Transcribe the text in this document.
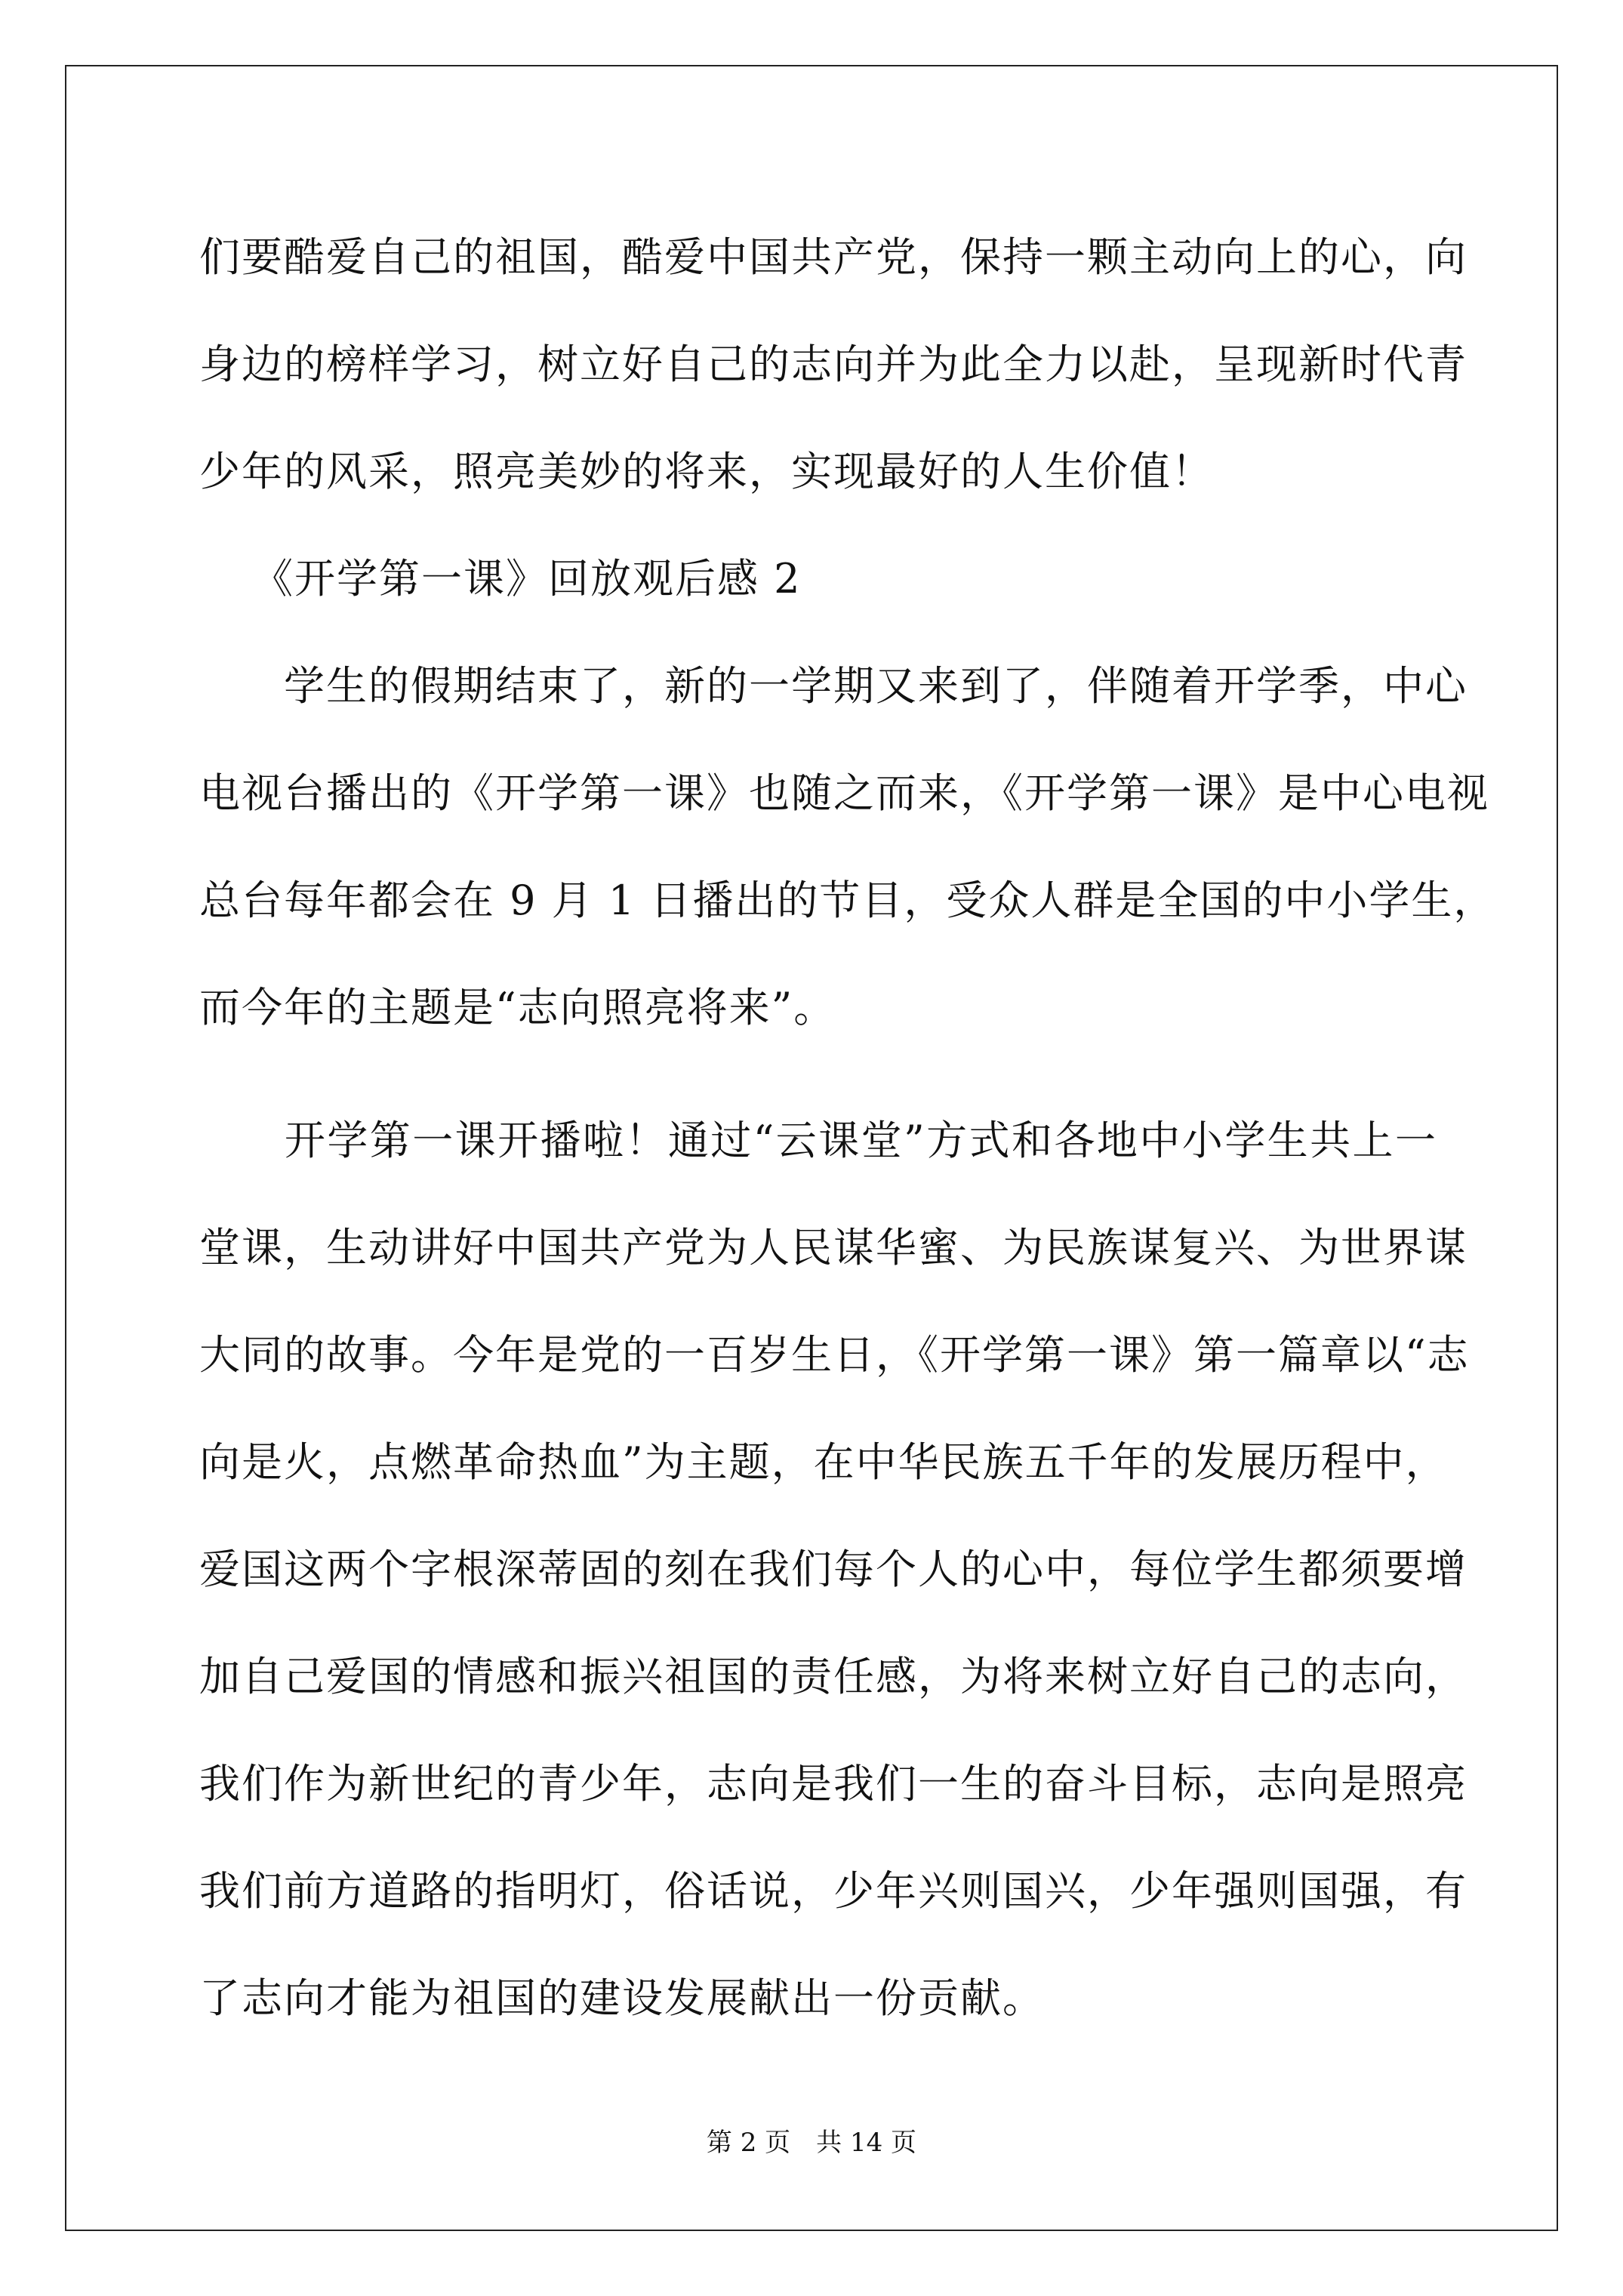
们要酷爱自己的祖国，酷爱中国共产党，保持一颗主动向上的心，向
身边的榜样学习，树立好自己的志向并为此全力以赴，呈现新时代青
少年的风采，照亮美妙的将来，实现最好的人生价值！
《开学第一课》回放观后感 2
　　学生的假期结束了，新的一学期又来到了，伴随着开学季，中心
电视台播出的《开学第一课》也随之而来，《开学第一课》是中心电视
总台每年都会在 9 月 1 日播出的节目，受众人群是全国的中小学生，
而今年的主题是“志向照亮将来”。
　　开学第一课开播啦！通过“云课堂”方式和各地中小学生共上一
堂课，生动讲好中国共产党为人民谋华蜜、为民族谋复兴、为世界谋
大同的故事。今年是党的一百岁生日，《开学第一课》第一篇章以“志
向是火，点燃革命热血”为主题，在中华民族五千年的发展历程中，
爱国这两个字根深蒂固的刻在我们每个人的心中，每位学生都须要增
加自己爱国的情感和振兴祖国的责任感，为将来树立好自己的志向，
我们作为新世纪的青少年，志向是我们一生的奋斗目标，志向是照亮
我们前方道路的指明灯，俗话说，少年兴则国兴，少年强则国强，有
了志向才能为祖国的建设发展献出一份贡献。
第 2 页　共 14 页
